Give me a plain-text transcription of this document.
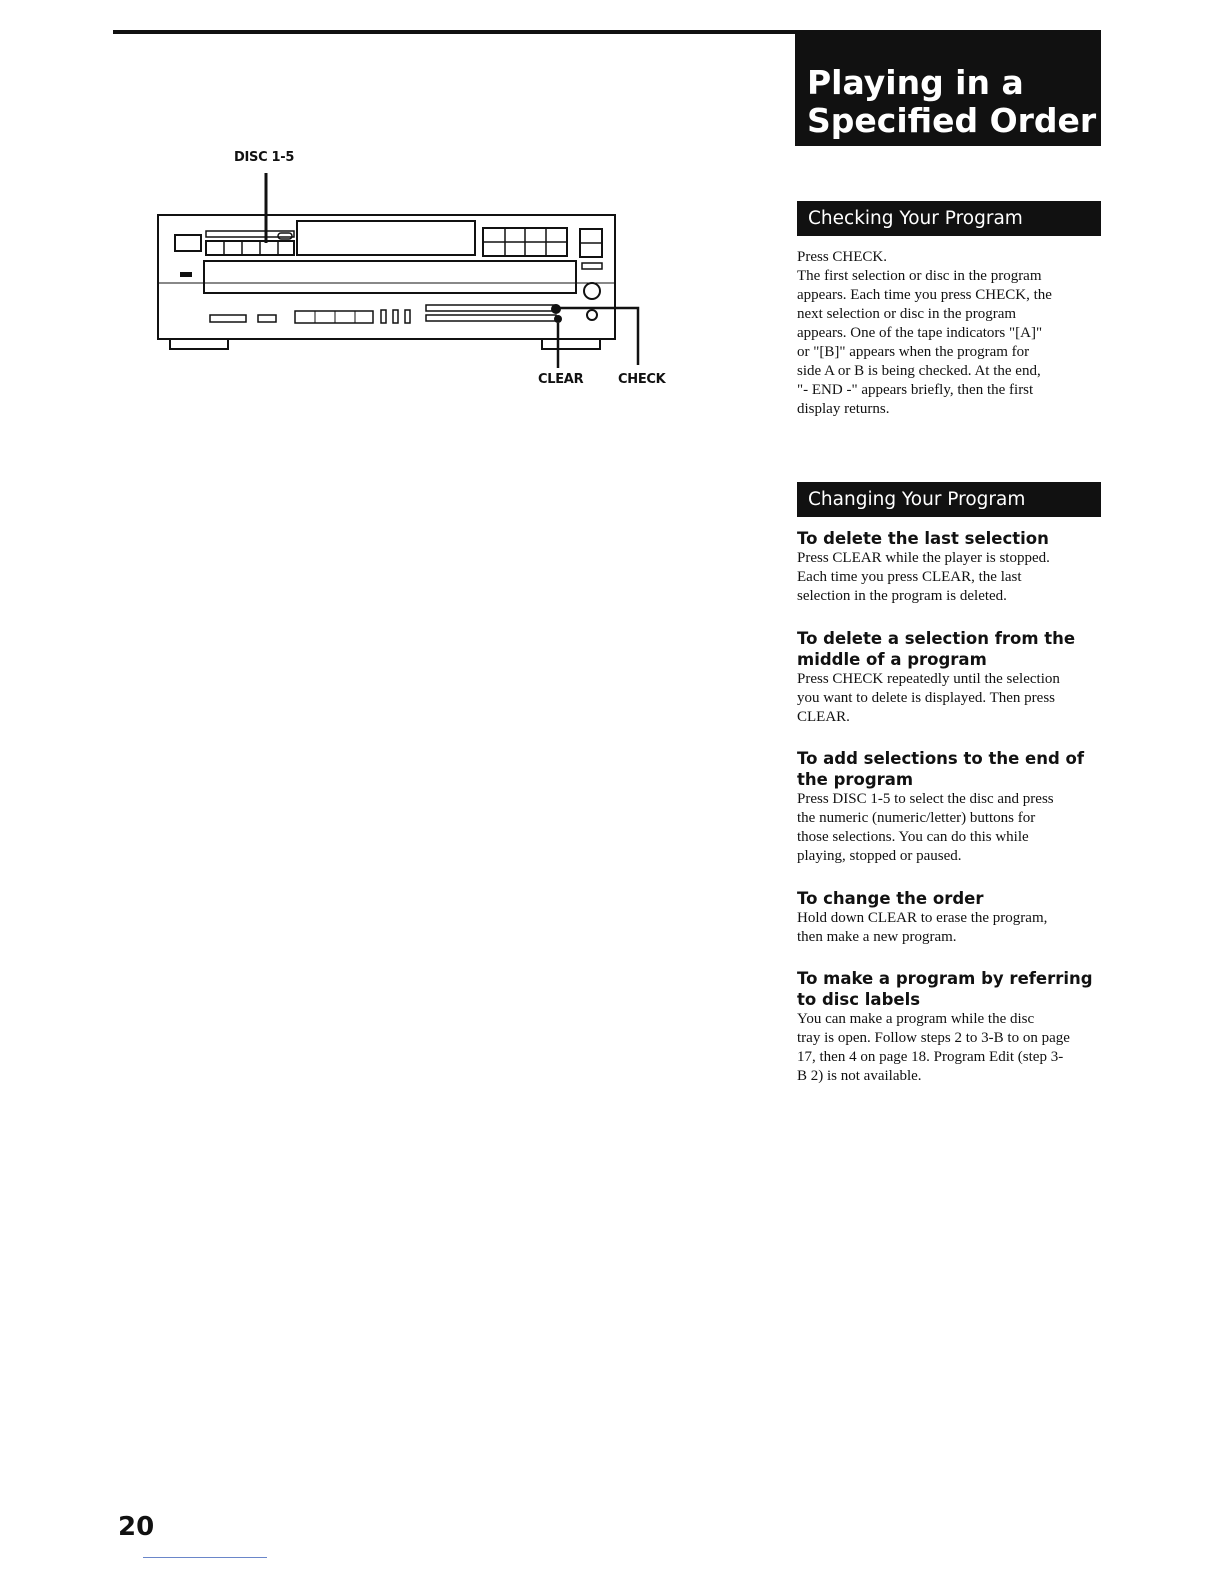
Playing in a
Specified Order
DISC 1-5
CLEAR	CHECK
Checking Your Program
Press CHECK.
The first selection or disc in the program
appears. Each time you press CHECK, the
next selection or disc in the program
appears. One of the tape indicators "[A]"
or "[B]" appears when the program for
side A or B is being checked. At the end,
"- END -" appears briefly, then the first
display returns.
Changing Your Program
To delete the last selection
Press CLEAR while the player is stopped.
Each time you press CLEAR, the last
selection in the program is deleted.
To delete a selection from the
middle of a program
Press CHECK repeatedly until the selection
you want to delete is displayed. Then press
CLEAR.
To add selections to the end of
the program
Press DISC 1-5 to select the disc and press
the numeric (numeric/letter) buttons for
those selections. You can do this while
playing, stopped or paused.
To change the order
Hold down CLEAR to erase the program,
then make a new program.
To make a program by referring
to disc labels
You can make a program while the disc
tray is open. Follow steps 2 to 3-B to on page
17, then 4 on page 18. Program Edit (step 3-
B 2) is not available.
20
